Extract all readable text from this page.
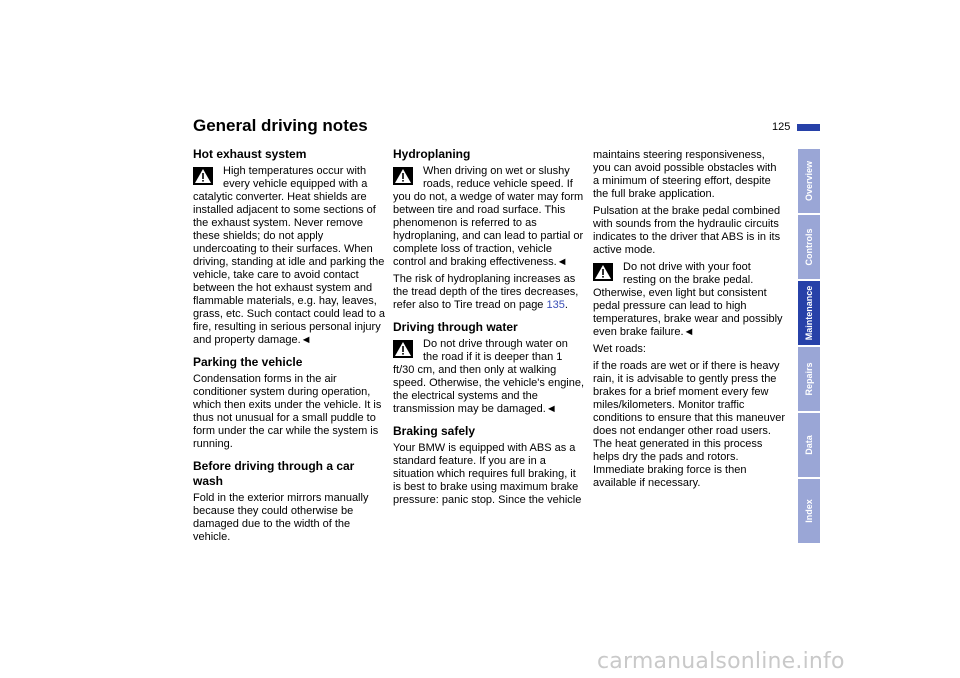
General driving notes	125
Hot exhaust system
High temperatures occur with every vehicle equipped with a catalytic converter. Heat shields are installed adjacent to some sections of the exhaust system. Never remove these shields; do not apply undercoating to their surfaces. When driving, standing at idle and parking the vehicle, take care to avoid contact between the hot exhaust system and flammable materials, e.g. hay, leaves, grass, etc. Such contact could lead to a fire, resulting in serious personal injury and property damage.◄
Parking the vehicle

Condensation forms in the air conditioner system during operation, which then exits under the vehicle. It is thus not unusual for a small puddle to form under the car while the system is running.

Before driving through a car wash

Fold in the exterior mirrors manually because they could otherwise be damaged due to the width of the vehicle.

Hydroplaning
When driving on wet or slushy roads, reduce vehicle speed. If you do not, a wedge of water may form between tire and road surface. This phenomenon is referred to as hydroplaning, and can lead to partial or complete loss of traction, vehicle control and braking effectiveness.◄

The risk of hydroplaning increases as the tread depth of the tires decreases, refer also to Tire tread on page 135.

Driving through water
Do not drive through water on the road if it is deeper than 1 ft/30 cm, and then only at walking speed. Otherwise, the vehicle's engine, the electrical systems and the transmission may be damaged.◄
Braking safely

Your BMW is equipped with ABS as a standard feature. If you are in a situation which requires full braking, it is best to brake using maximum brake pressure: panic stop. Since the vehicle

maintains steering responsiveness, you can avoid possible obstacles with a minimum of steering effort, despite the full brake application.

Pulsation at the brake pedal combined with sounds from the hydraulic circuits indicates to the driver that ABS is in its active mode.

Do not drive with your foot resting on the brake pedal. Otherwise, even light but consistent pedal pressure can lead to high temperatures, brake wear and possibly even brake failure.◄

Wet roads:

if the roads are wet or if there is heavy rain, it is advisable to gently press the brakes for a brief moment every few miles/kilometers. Monitor traffic conditions to ensure that this maneuver does not endanger other road users. The heat generated in this process helps dry the pads and rotors. Immediate braking force is then available if necessary.

Overview
Controls
Maintenance
Repairs
Data
Index
carmanualsonline.info
